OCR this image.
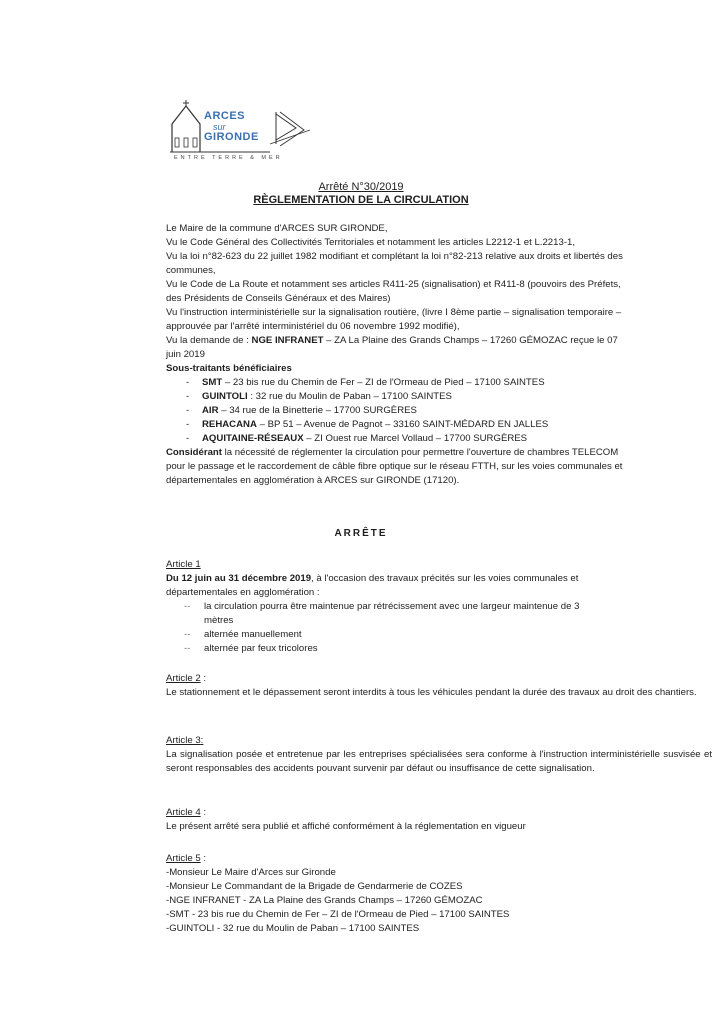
ARCES
sur
GIRONDE
ENTRE TERRE & MER
Arrêté N°30/2019
RÈGLEMENTATION DE LA CIRCULATION

Le Maire de la commune d'ARCES SUR GIRONDE,

Vu le Code Général des Collectivités Territoriales et notamment les articles L2212-1 et L.2213-1,

Vu la loi n°82-623 du 22 juillet 1982 modifiant et complétant la loi n°82-213 relative aux droits et libertés des communes,

Vu le Code de La Route et notamment ses articles R411-25 (signalisation) et R411-8 (pouvoirs des Préfets, des Présidents de Conseils Généraux et des Maires)

Vu l'instruction interministérielle sur la signalisation routière, (livre I 8ème partie – signalisation temporaire – approuvée par l'arrêté interministériel du 06 novembre 1992 modifié),

Vu la demande de : NGE INFRANET – ZA La Plaine des Grands Champs – 17260 GÉMOZAC reçue le 07 juin 2019

Sous-traitants bénéficiaires

- SMT – 23 bis rue du Chemin de Fer – ZI de l'Ormeau de Pied – 17100 SAINTES
- GUINTOLI : 32 rue du Moulin de Paban – 17100 SAINTES
- AIR – 34 rue de la Binetterie – 17700 SURGÈRES
- REHACANA – BP 51 – Avenue de Pagnot – 33160 SAINT-MÉDARD EN JALLES
- AQUITAINE-RÉSEAUX – ZI Ouest rue Marcel Vollaud – 17700 SURGÈRES

Considérant la nécessité de réglementer la circulation pour permettre l'ouverture de chambres TELECOM pour le passage et le raccordement de câble fibre optique sur le réseau FTTH, sur les voies communales et départementales en agglomération à ARCES sur GIRONDE (17120).

ARRÊTE

Article 1

Du 12 juin au 31 décembre 2019, à l'occasion des travaux précités sur les voies communales et départementales en agglomération :

-- la circulation pourra être maintenue par rétrécissement avec une largeur maintenue de 3 mètres
-- alternée manuellement
-- alternée par feux tricolores

Article 2 :

Le stationnement et le dépassement seront interdits à tous les véhicules pendant la durée des travaux au droit des chantiers.

Article 3:

La signalisation posée et entretenue par les entreprises spécialisées sera conforme à l'instruction interministérielle susvisée et seront responsables des accidents pouvant survenir par défaut ou insuffisance de cette signalisation.

Article 4 :

Le présent arrêté sera publié et affiché conformément à la réglementation en vigueur

Article 5 :

-Monsieur Le Maire d'Arces sur Gironde

-Monsieur Le Commandant de la Brigade de Gendarmerie de COZES

-NGE INFRANET - ZA La Plaine des Grands Champs – 17260 GÉMOZAC

-SMT - 23 bis rue du Chemin de Fer – ZI de l'Ormeau de Pied – 17100 SAINTES

-GUINTOLI - 32 rue du Moulin de Paban – 17100 SAINTES
